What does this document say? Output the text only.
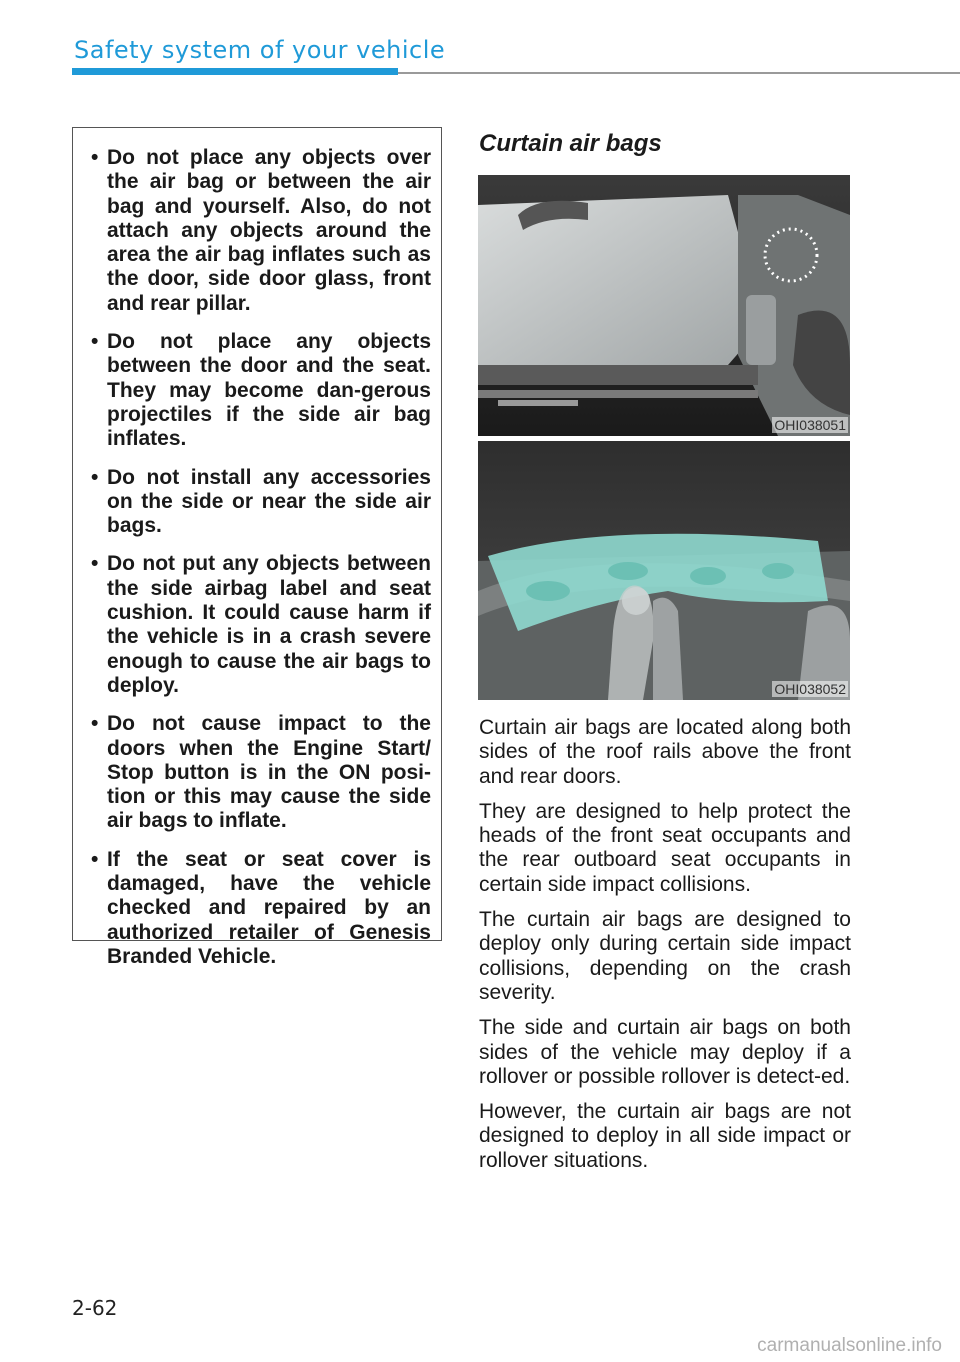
Safety system of your vehicle
• Do not place any objects over the air bag or between the air bag and yourself. Also, do not attach any objects around the area the air bag inflates such as the door, side door glass, front and rear pillar.
• Do not place any objects between the door and the seat. They may become dan-gerous projectiles if the side air bag inflates.
• Do not install any accessories on the side or near the side air bags.
• Do not put any objects between the side airbag label and seat cushion. It could cause harm if the vehicle is in a crash severe enough to cause the air bags to deploy.
• Do not cause impact to the doors when the Engine Start/ Stop button is in the ON posi-tion or this may cause the side air bags to inflate.
• If the seat or seat cover is damaged, have the vehicle checked and repaired by an authorized retailer of Genesis Branded Vehicle.
Curtain air bags
OHI038051
OHI038052

Curtain air bags are located along both sides of the roof rails above the front and rear doors.

They are designed to help protect the heads of the front seat occupants and the rear outboard seat occupants in certain side impact collisions.

The curtain air bags are designed to deploy only during certain side impact collisions, depending on the crash severity.

The side and curtain air bags on both sides of the vehicle may deploy if a rollover or possible rollover is detect-ed.

However, the curtain air bags are not designed to deploy in all side impact or rollover situations.

2-62
carmanualsonline.info
